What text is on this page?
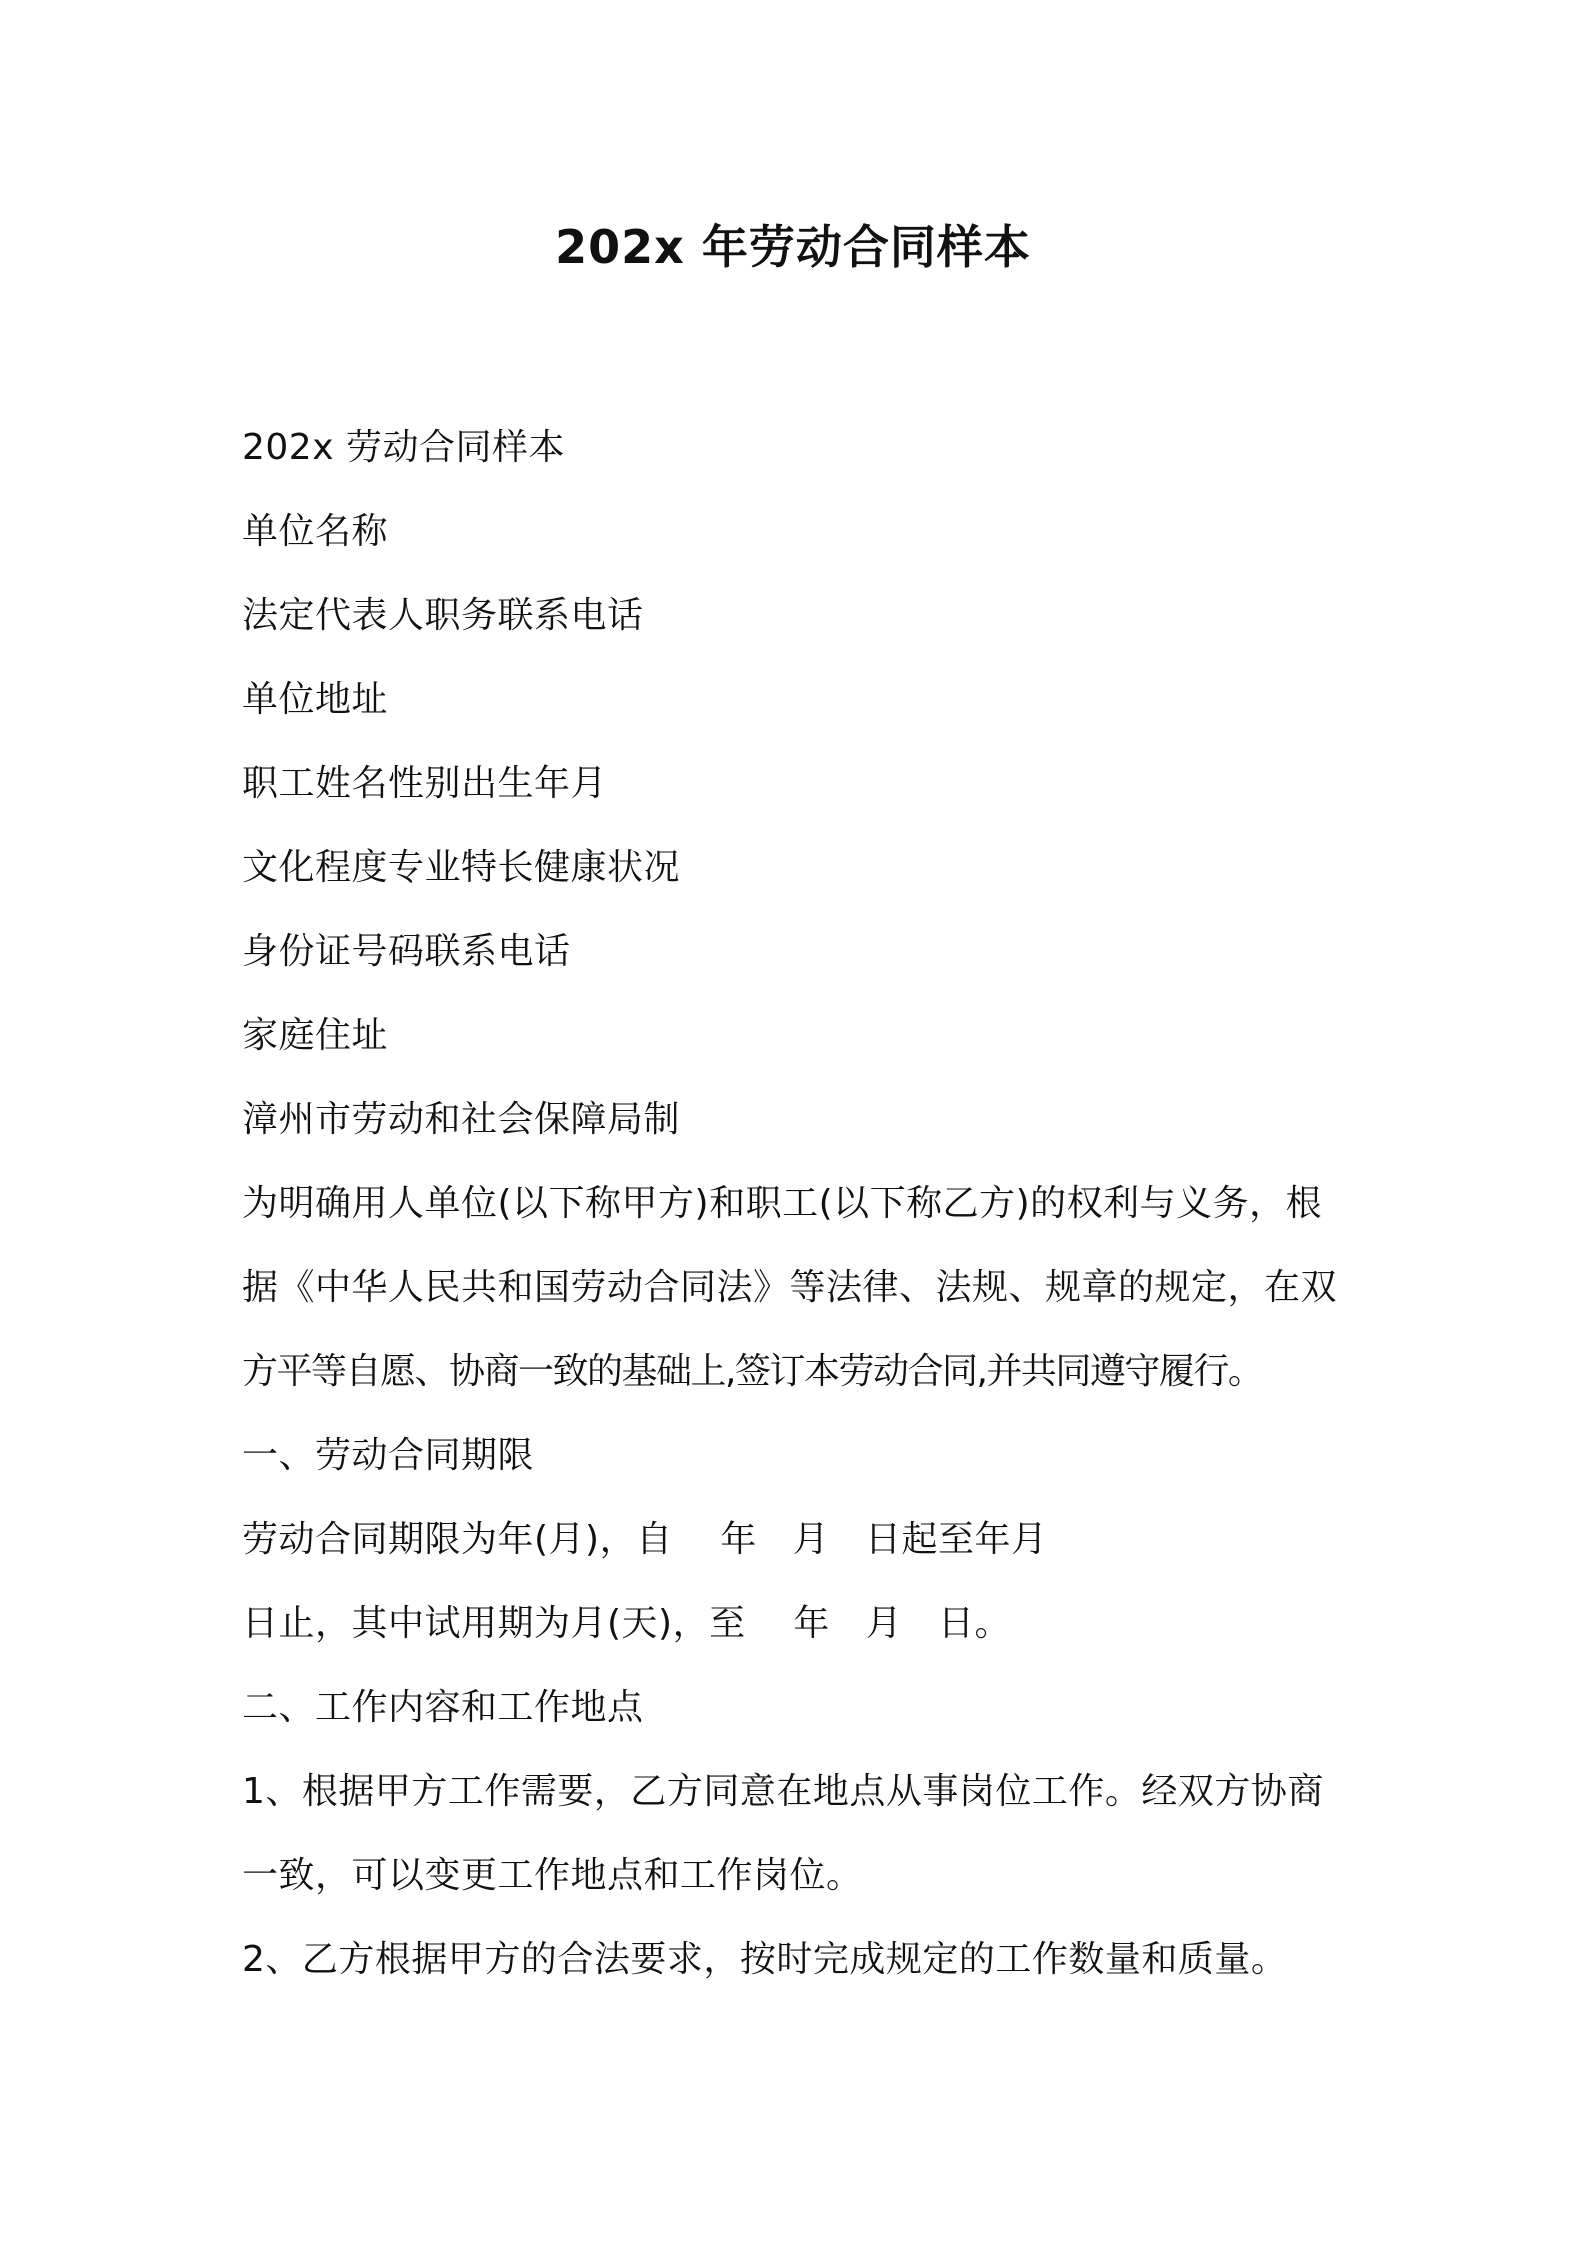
202x 年劳动合同样本

202x 劳动合同样本

单位名称

法定代表人职务联系电话

单位地址

职工姓名性别出生年月

文化程度专业特长健康状况

身份证号码联系电话

家庭住址

漳州市劳动和社会保障局制

为明确用人单位(以下称甲方)和职工(以下称乙方)的权利与义务，根

据《中华人民共和国劳动合同法》等法律、法规、规章的规定，在双

方平等自愿、协商一致的基础上,签订本劳动合同,并共同遵守履行。

一、劳动合同期限

劳动合同期限为年(月)，自    年   月   日起至年月

日止，其中试用期为月(天)，至    年   月   日。

二、工作内容和工作地点

1、根据甲方工作需要，乙方同意在地点从事岗位工作。经双方协商

一致，可以变更工作地点和工作岗位。

2、乙方根据甲方的合法要求，按时完成规定的工作数量和质量。
